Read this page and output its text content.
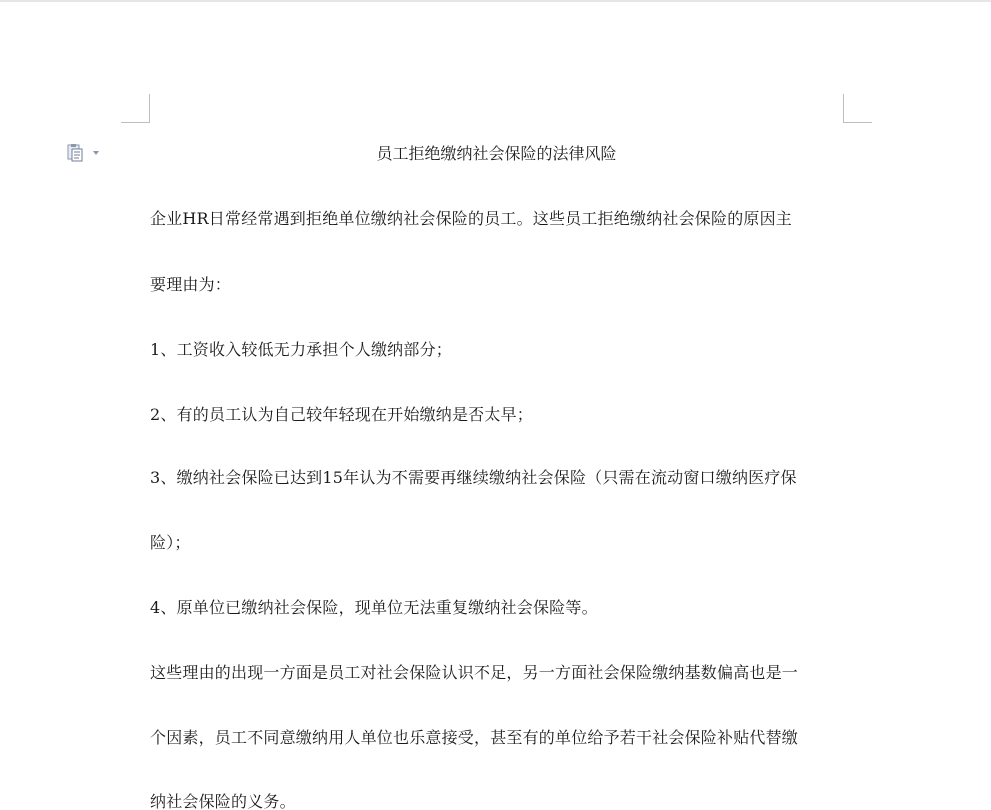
员工拒绝缴纳社会保险的法律风险
企业HR日常经常遇到拒绝单位缴纳社会保险的员工。这些员工拒绝缴纳社会保险的原因主
要理由为：
1、工资收入较低无力承担个人缴纳部分；
2、有的员工认为自己较年轻现在开始缴纳是否太早；
3、缴纳社会保险已达到15年认为不需要再继续缴纳社会保险（只需在流动窗口缴纳医疗保
险）；
4、原单位已缴纳社会保险，现单位无法重复缴纳社会保险等。
这些理由的出现一方面是员工对社会保险认识不足，另一方面社会保险缴纳基数偏高也是一
个因素，员工不同意缴纳用人单位也乐意接受，甚至有的单位给予若干社会保险补贴代替缴
纳社会保险的义务。
